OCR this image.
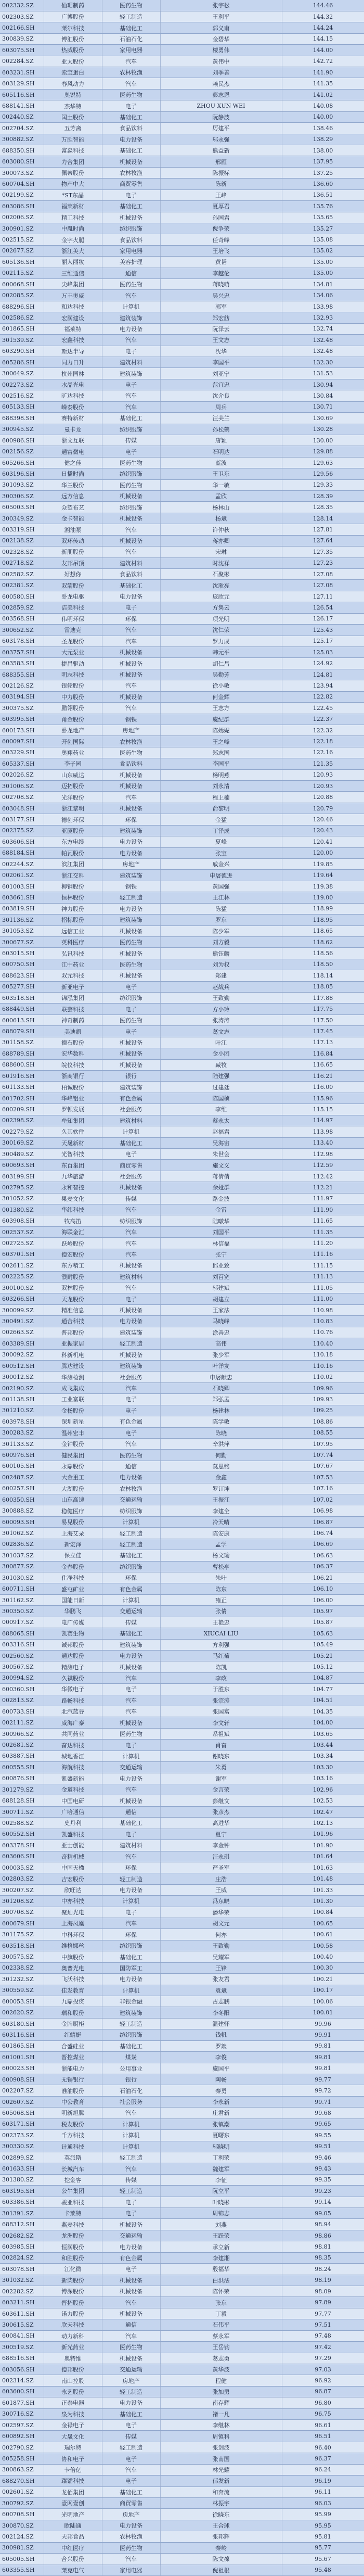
002332.SZ	仙琚制药	医药生物	张宇松	144.46
002303.SZ	广博股份	轻工制造	王利平	144.32
002166.SH	莱尔科技	基础化工	郭义甫	144.24
300839.SZ	博汇股份	石油石化	金碧华	144.15
603075.SH	热威股份	家用电器	楼勇伟	144.00
002284.SZ	亚太股份	汽车	黄伟中	142.72
603231.SH	索宝蛋白	农林牧渔	刘季善	141.90
603129.SH	春风动力	汽车	赖民杰	141.35
605116.SH	奥锐特	医药生物	彭志恩	141.02
688141.SH	杰华特	电子	ZHOU XUN WEI	140.08
002440.SZ	闰土股份	基础化工	阮静波	140.00
002704.SZ	五芳斋	食品饮料	厉建平	138.46
300882.SZ	万胜智能	电力设备	邬永强	138.29
688350.SH	富淼科技	基础化工	熊益新	138.00
603080.SH	力合集团	机械设备	邢雁	137.95
300073.SZ	佩蒂股份	农林牧渔	陈振标	137.25
600704.SH	物产中大	商贸零售	陈新	136.60
002199.SZ	*ST东晶	电子	王峰	136.51
603086.SH	福莱新材	基础化工	夏厚君	135.76
002006.SZ	精工科技	机械设备	孙国君	135.65
300901.SZ	中胤时尚	纺织服饰	倪争荣	135.27
002515.SZ	金字火腿	食品饮料	任奇峰	135.08
002677.SZ	浙江美大	家用电器	王培飞	135.02
605136.SH	丽人丽妆	美容护理	黄韬	135.00
002115.SZ	三维通信	通信	李越伦	135.00
600668.SH	尖峰集团	医药生物	蒋晓萌	134.81
002085.SZ	万丰奥威	汽车	吴兴忠	134.06
688296.SH	和达科技	计算机	郭军	133.98
002586.SZ	宏润建设	建筑装饰	郑宏舫	132.93
601865.SH	福莱特	电力设备	阮泽云	132.74
301539.SZ	宏鑫科技	汽车	王文志	132.48
603290.SH	斯达半导	电子	沈华	132.48
605286.SH	同力日升	建筑材料	李国平	132.30
300649.SZ	杭州园林	建筑装饰	刘亚宁	131.53
002273.SZ	水晶光电	电子	范宜忠	130.94
002516.SZ	旷达科技	汽车	沈介良	130.84
605133.SH	嵘泰股份	汽车	周兵	130.71
688398.SH	赛特新材	基础化工	汪美兰	130.69
300945.SZ	曼卡龙	纺织服饰	孙松鹤	130.28
600986.SH	浙文互联	传媒	唐颖	130.00
002156.SZ	通富微电	电子	石明达	129.88
605266.SH	健之佳	医药生物	蓝波	129.63
603196.SH	日播时尚	纺织服饰	王卫东	129.56
301093.SZ	华兰股份	医药生物	华一敏	129.33
300306.SZ	远方信息	机械设备	孟欣	128.39
605003.SH	众望布艺	纺织服饰	杨林山	128.35
300349.SZ	金卡智能	机械设备	杨斌	128.14
603319.SH	湘油泵	汽车	许仲秋	127.81
002138.SZ	双环传动	机械设备	蒋亦卿	127.64
002328.SZ	新朋股份	汽车	宋琳	127.35
002718.SZ	友邦吊顶	建筑材料	时沈祥	127.23
002582.SZ	好想你	食品饮料	石聚彬	127.08
002381.SZ	双箭股份	基础化工	沈耿亮	127.08
600580.SH	卧龙电驱	电力设备	庞欣元	127.11
002859.SZ	洁美科技	电子	方隽云	126.54
603568.SH	伟明环保	环保	项光明	126.17
300652.SZ	雷迪克	汽车	沈仁荣	125.43
603178.SH	圣龙股份	汽车	罗力成	125.17
603757.SH	大元泵业	机械设备	韩元平	125.03
603583.SH	捷昌驱动	机械设备	胡仁昌	124.92
688355.SH	明志科技	机械设备	吴勤芳	124.81
002126.SZ	银轮股份	汽车	徐小敏	123.94
603194.SH	中力股份	机械设备	何金辉	122.82
300375.SZ	鹏翎股份	汽车	王志方	122.45
603995.SH	甬金股份	钢铁	虞纪群	122.37
600173.SH	卧龙地产	房地产	陈嫣妮	122.32
600097.SH	开创国际	农林牧渔	王之峰	122.18
603229.SH	奥翔药业	医药生物	郑志国	122.16
605337.SH	李子园	食品饮料	李国平	121.35
002026.SZ	山东威达	机械设备	杨明燕	120.93
301006.SZ	迈拓股份	机械设备	刘永清	120.93
002708.SZ	光洋股份	汽车	程上楠	120.88
603048.SH	浙江黎明	机械设备	俞黎明	120.79
603177.SH	德创环保	环保	金猛	120.46
002375.SZ	亚厦股份	建筑装饰	丁泽成	120.43
603606.SH	东方电缆	电力设备	夏峰	120.41
688184.SH	帕瓦股份	电力设备	张宝	120.00
002244.SZ	滨江集团	房地产	戚金兴	119.85
002061.SZ	浙江交科	建筑装饰	申屠德进	119.64
601003.SH	柳钢股份	钢铁	黄国强	119.38
603661.SH	恒林股份	轻工制造	王江林	119.00
603819.SH	神力股份	电力设备	陈猛	118.99
301136.SZ	招标股份	建筑装饰	罗东	118.95
301053.SZ	远信工业	机械设备	陈少军	118.65
300677.SZ	英科医疗	医药生物	刘方毅	118.62
603015.SH	弘讯科技	机械设备	熊钰麟	118.56
600750.SH	江中药业	医药生物	刘为权	118.50
688623.SH	双元科技	机械设备	郑建	118.14
605277.SH	新亚电子	电子	赵战兵	118.05
603518.SH	锦泓集团	纺织服饰	王致勤	117.88
688449.SH	联芸科技	电子	方小玲	117.75
600613.SH	神奇制药	医药生物	张涛涛	117.50
688079.SH	美迪凯	电子	葛文志	117.45
301158.SZ	德石股份	机械设备	叶江	117.13
688789.SH	宏华数科	机械设备	金小团	116.84
688600.SH	皖仪科技	机械设备	臧牧	116.65
601916.SH	浙商银行	银行	陆建强	116.21
601133.SH	柏诚股份	建筑装饰	过建廷	116.00
601702.SH	华峰铝业	有色金属	陈国桢	115.96
600209.SH	罗顿发展	社会服务	李维	115.15
002398.SZ	垒知集团	建筑材料	蔡永太	114.97
002279.SZ	久其软件	计算机	赵福君	113.98
300169.SZ	天晟新材	基础化工	吴海宙	113.40
300489.SZ	光智科技	电子	朱世会	112.98
600693.SH	东百集团	商贸零售	施文义	112.59
603199.SH	九华旅游	社会服务	蒋倩倩	112.42
002795.SZ	永和智控	机械设备	余娅群	112.21
301052.SZ	果麦文化	传媒	路金波	111.97
001380.SZ	华纬科技	汽车	金雷	111.90
603908.SH	牧高笛	纺织服饰	陆暾华	111.65
002537.SZ	海联金汇	汽车	刘国平	111.35
002725.SZ	跃岭股份	汽车	林信福	111.20
603701.SH	德宏股份	汽车	张宁	111.16
002611.SZ	东方精工	机械设备	邱业致	111.15
002225.SZ	濮耐股份	建筑材料	刘百宽	111.13
300100.SZ	双林股份	汽车	邬建斌	111.05
603266.SH	天龙股份	电子	胡建立	111.00
300099.SZ	精准信息	机械设备	王家法	110.98
300491.SZ	通合科技	电力设备	马晓峰	110.83
002663.SZ	普邦股份	建筑装饰	涂善忠	110.76
603389.SH	亚振家居	轻工制造	高伟	110.40
300092.SZ	科新机电	机械设备	张少军	110.18
600512.SH	腾达建设	建筑装饰	叶洋友	110.16
300012.SZ	华测检测	社会服务	申屠献忠	110.02
002190.SZ	成飞集成	汽车	石晓卿	109.96
601138.SH	工业富联	电子	郑弘孟	109.93
301210.SZ	金杨股份	电子	杨建林	109.25
603978.SH	深圳新星	有色金属	陈学敏	108.86
300283.SZ	温州宏丰	电子	陈晓	108.55
301133.SZ	金钟股份	汽车	辛洪萍	107.95
600976.SH	健民集团	医药生物	何勤	107.74
600105.SH	永鼎股份	通信	莫思铭	107.67
002487.SZ	大金重工	电力设备	金鑫	107.53
600257.SH	大湖股份	农林牧渔	罗订坤	107.16
600350.SH	山东高速	交通运输	王振江	107.02
300888.SZ	稳健医疗	纺织服饰	李建全	106.98
600093.SH	易见股份	计算机	冷天晴	106.87
301062.SZ	上海艾录	轻工制造	陈安康	106.74
002836.SZ	新宏泽	轻工制造	孟学	106.69
301037.SZ	保立佳	基础化工	杨文瑜	106.63
300877.SZ	金春股份	纺织服饰	曹松亭	106.37
301030.SZ	仕净科技	环保	朱叶	106.21
600711.SH	盛屯矿业	有色金属	陈东	106.10
301162.SZ	国能日新	计算机	雍正	106.00
300350.SZ	华鹏飞	交通运输	张倩	105.97
000917.SZ	电广传媒	传媒	王艳忠	105.87
688065.SH	凯赛生物	基础化工	XIUCAI LIU	105.63
603316.SH	诚邦股份	建筑装饰	方利强	105.49
002560.SZ	通达股份	电力设备	马红菊	105.21
300567.SZ	精测电子	机械设备	陈凯	105.12
300994.SZ	久祺股份	汽车	李政	104.87
600360.SH	华微电子	电子	于胜东	104.77
002813.SZ	路畅科技	汽车	张宗涛	104.51
600733.SH	北汽蓝谷	汽车	张国富	104.35
002111.SZ	威海广泰	机械设备	李文轩	104.00
300966.SZ	共同药业	医药生物	系祖斌	103.65
002681.SZ	奋达科技	电子	肖奋	103.44
603887.SH	城地香江	计算机	谢晓东	103.34
600555.SH	海航科技	交通运输	朱勇	103.30
600876.SH	凯盛新能	电力设备	谢军	103.16
301279.SZ	金道科技	汽车	金言荣	102.96
688128.SH	中国电研	机械设备	彭继文	102.53
300711.SZ	广哈通信	通信	张彦杰	102.47
002588.SZ	史丹利	基础化工	高进华	102.13
600552.SH	凯盛科技	电子	夏宁	101.96
603378.SH	亚士创能	建筑材料	李金钟	101.90
603606.SH	奇精机械	汽车	汪永琪	101.64
000035.SZ	中国天楹	环保	严圣军	101.63
002803.SZ	吉宏股份	轻工制造	庄浩	101.48
300207.SZ	欣旺达	电力设备	王威	101.33
301208.SZ	中亦科技	计算机	冯东晓	101.30
300708.SZ	聚灿光电	电子	潘华荣	100.84
600679.SH	上海凤凰	汽车	胡文元	100.65
301175.SZ	中科环保	环保	何亦	100.61
603518.SH	维格娜丝	纺织服饰	王致勤	100.58
300575.SZ	中旗股份	基础化工	吴耀军	100.40
002338.SZ	奥普光电	国防军工	王锋	100.30
301232.SZ	飞沃科技	电力设备	张友君	100.21
300559.SZ	佳发教育	计算机	袁斌	100.17
600053.SH	九鼎投资	非银金融	古志鹏	100.06
002620.SZ	瑞和股份	建筑装饰	李冬阳	100.01
603180.SH	金牌厨柜	轻工制造	温建怀	99.96
603116.SH	红蜻蜓	纺织服饰	钱帆	99.91
601865.SH	合盛硅业	基础化工	罗燚	99.81
601001.SH	晋控煤业	煤炭	李俊	99.81
600023.SH	浙能电力	公用事业	虞国平	99.81
600908.SH	无锡银行	银行	陶畅	99.77
002207.SZ	准油股份	石油石化	秦勇	99.72
002607.SZ	中公教育	社会服务	李永新	99.71
605068.SH	明新旭腾	汽车	庄君新	99.68
603171.SH	税友股份	计算机	张镇潮	99.65
002373.SZ	千方科技	计算机	夏曙东	99.55
300330.SZ	计通科技	计算机	邬晓明	99.51
002899.SZ	英派斯	轻工制造	丁利荣	99.46
601633.SH	长城汽车	汽车	魏建军	99.43
301380.SZ	挖金客	传媒	李征	99.35
603195.SH	公牛集团	轻工制造	阮立平	99.23
603386.SH	骏亚科技	电子	叶晓彬	99.14
301391.SZ	卡莱特	电子	周锦志	99.05
688312.SH	燕麦科技	机械设备	刘燕	98.94
002682.SZ	龙洲股份	交通运输	王跃荣	98.86
603985.SH	恒润股份	电力设备	承立新	98.81
002824.SZ	和胜股份	有色金属	李建湘	98.35
603078.SH	江化微	电子	殷福华	98.24
301032.SZ	新柴股份	机械设备	白洪法	98.19
002282.SZ	博深股份	机械设备	陈怀荣	98.09
603211.SH	晋拓股份	汽车	张东	97.89
603611.SH	诺力股份	机械设备	丁毅	97.77
300615.SZ	欣天科技	通信	石伟平	97.51
600841.SH	动力新科	汽车	蔡永军	97.48
300519.SZ	新光药业	医药生物	王岳钧	97.42
688516.SH	奥特维	机械设备	葛志勇	97.29
603056.SH	德邦股份	交通运输	黄华波	97.03
002314.SZ	南山控股	房地产	程健	96.92
603600.SH	永艺股份	轻工制造	张加勇	96.87
601877.SH	正泰电器	电力设备	南存辉	96.80
300716.SZ	泉为科技	基础化工	褚一凡	96.75
002597.SZ	金禄电子	电子	李继林	96.61
600892.SH	大晟文化	传媒	周镇科	96.51
002790.SZ	瑞尔特	轻工制造	张剑波	96.40
605258.SH	协和电子	电子	张南国	96.37
300863.SZ	卡倍亿	汽车	林光耀	96.24
688270.SH	臻镭科技	电子	郁发新	96.19
002601.SZ	龙佰集团	基础化工	和奔流	96.11
300792.SZ	壹网壹创	商贸零售	林振宇	96.03
600708.SH	光明地产	房地产	徐晓东	95.99
300870.SZ	欧陆通	电力设备	王合球	95.95
002124.SZ	天邦食品	农林牧渔	张邦辉	95.81
300981.SZ	中红医疗	医药生物	秦岭	95.77
605005.SH	合兴股份	汽车	陈文葆	95.67
603355.SH	莱克电气	家用电器	倪祖根	95.48
